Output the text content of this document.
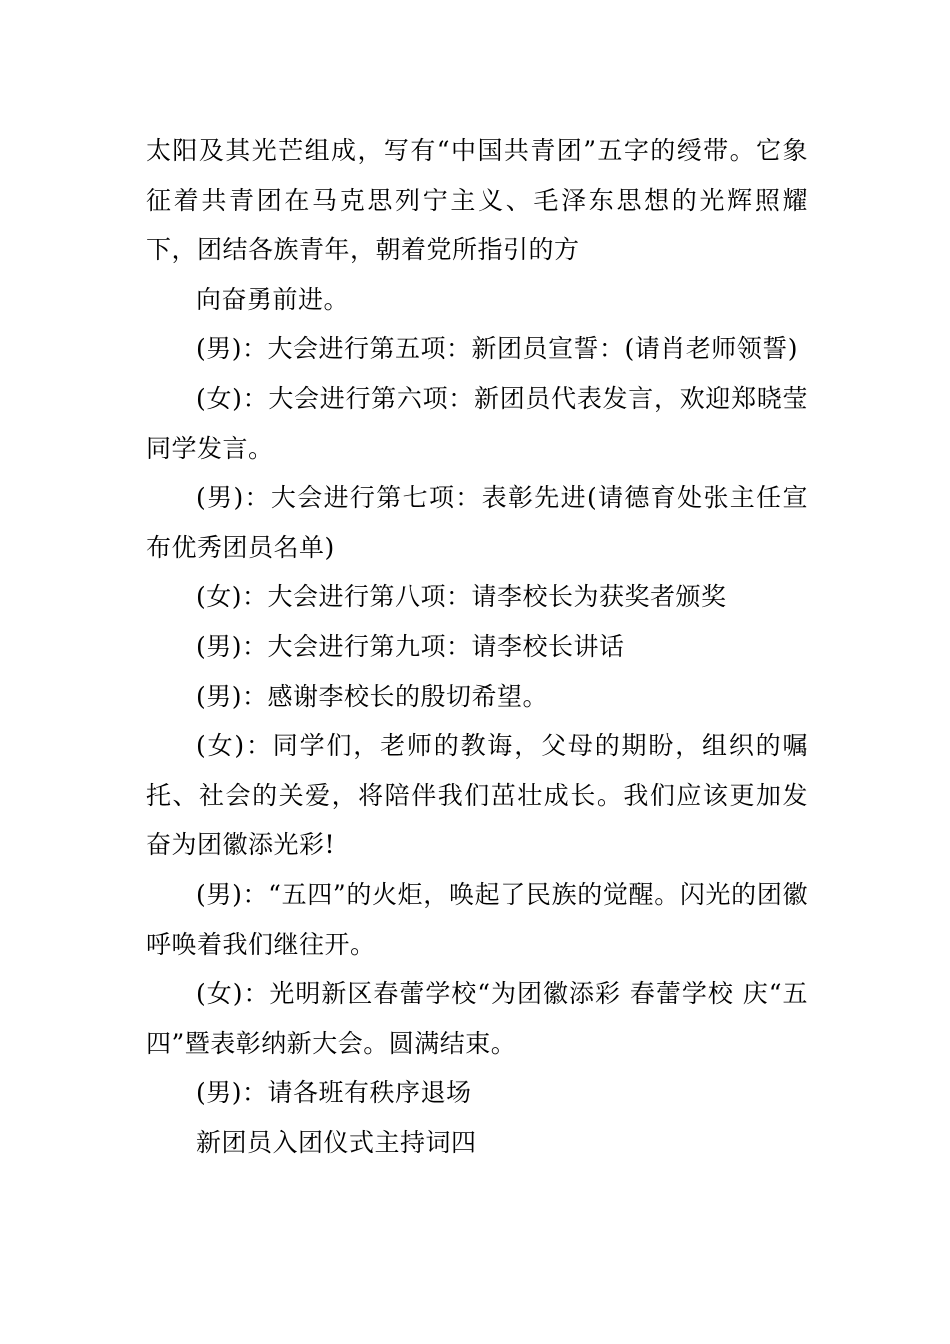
太阳及其光芒组成，写有“中国共青团”五字的绶带。它象征着共青团在马克思列宁主义、毛泽东思想的光辉照耀下，团结各族青年，朝着党所指引的方

向奋勇前进。

(男)：大会进行第五项：新团员宣誓：(请肖老师领誓)

(女)：大会进行第六项：新团员代表发言，欢迎郑晓莹同学发言。

(男)：大会进行第七项：表彰先进(请德育处张主任宣布优秀团员名单)

(女)：大会进行第八项：请李校长为获奖者颁奖

(男)：大会进行第九项：请李校长讲话

(男)：感谢李校长的殷切希望。

(女)：同学们，老师的教诲，父母的期盼，组织的嘱托、社会的关爱，将陪伴我们茁壮成长。我们应该更加发奋为团徽添光彩!

(男)：“五四”的火炬，唤起了民族的觉醒。闪光的团徽呼唤着我们继往开。

(女)：光明新区春蕾学校“为团徽添彩 春蕾学校 庆“五四”暨表彰纳新大会。圆满结束。

(男)：请各班有秩序退场

新团员入团仪式主持词四
